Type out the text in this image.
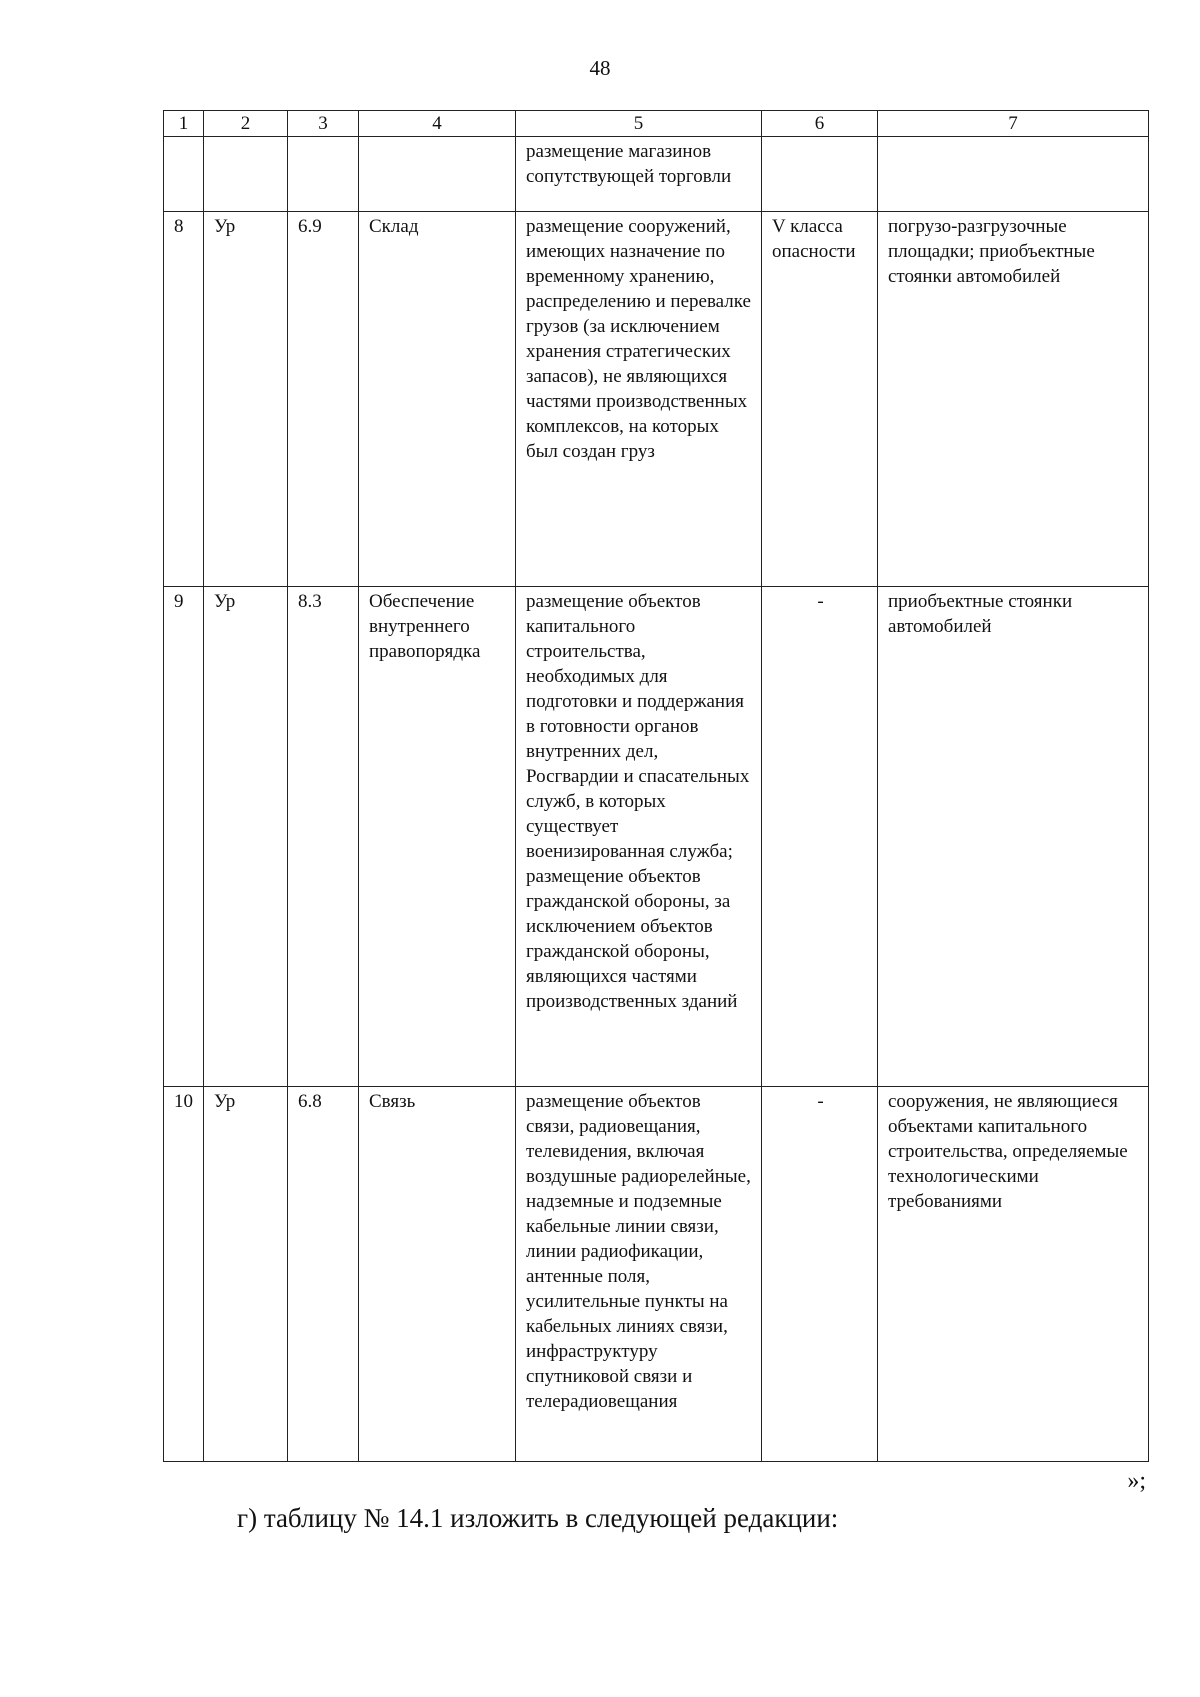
48
1	2	3	4	5	6	7
				размещение магазинов сопутствующей торговли		
8	Ур	6.9	Склад	размещение сооружений, имеющих назначение по временному хранению, распределению и перевалке грузов (за исключением хранения стратегических запасов), не являющихся частями производственных комплексов, на которых был создан груз	V класса опасности	погрузо-разгрузочные площадки; приобъектные стоянки автомобилей
9	Ур	8.3	Обеспечение внутреннего правопорядка	размещение объектов капитального строительства, необходимых для подготовки и поддержания в готовности органов внутренних дел, Росгвардии и спасательных служб, в которых существует военизированная служба; размещение объектов гражданской обороны, за исключением объектов гражданской обороны, являющихся частями производственных зданий	-	приобъектные стоянки автомобилей
10	Ур	6.8	Связь	размещение объектов связи, радиовещания, телевидения, включая воздушные радиорелейные, надземные и подземные кабельные линии связи, линии радиофикации, антенные поля, усилительные пункты на кабельных линиях связи, инфраструктуру спутниковой связи и телерадиовещания	-	сооружения, не являющиеся объектами капитального строительства, определяемые технологическими требованиями
»;
г) таблицу № 14.1 изложить в следующей редакции:
